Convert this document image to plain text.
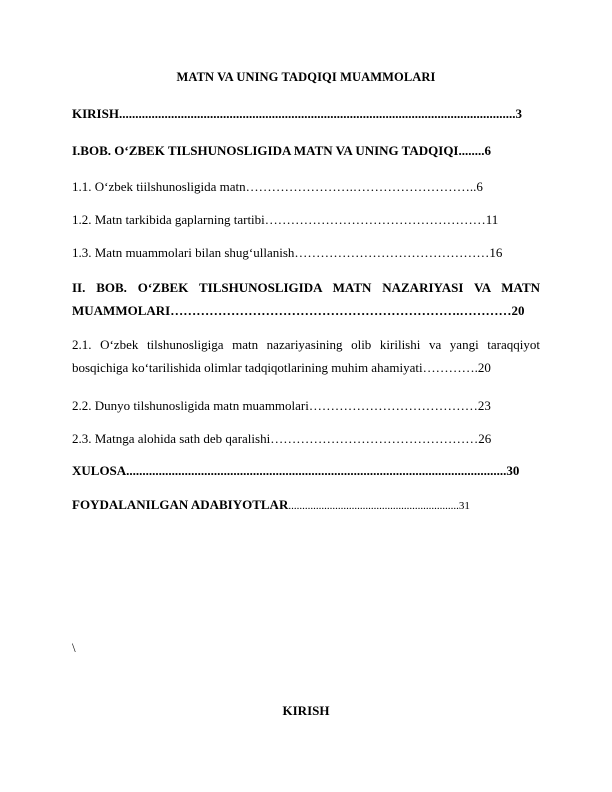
MATN VA UNING TADQIQI MUAMMOLARI
KIRISH..........................................................................................................................3
I.BOB. O‘ZBEK TILSHUNOSLIGIDA MATN VA UNING TADQIQI........6
1.1. O‘zbek tiilshunosligida matn…………………….………………………..6
1.2. Matn tarkibida gaplarning tartibi……………………………………………11
1.3. Matn muammolari bilan shug‘ullanish………………………………………16
II. BOB. O‘ZBEK TILSHUNOSLIGIDA MATN NAZARIYASI VA MATN MUAMMOLARI………………………………………………………….…………20
2.1. O‘zbek tilshunosligiga matn nazariyasining olib kirilishi va yangi taraqqiyot bosqichiga ko‘tarilishida olimlar tadqiqotlarining muhim ahamiyati………….20
2.2. Dunyo tilshunosligida matn muammolari…………………………………23
2.3. Matnga alohida sath deb qaralishi…………………………………………26
XULOSA.....................................................................................................................30
FOYDALANILGAN ADABIYOTLAR..............................................................31
\
KIRISH
